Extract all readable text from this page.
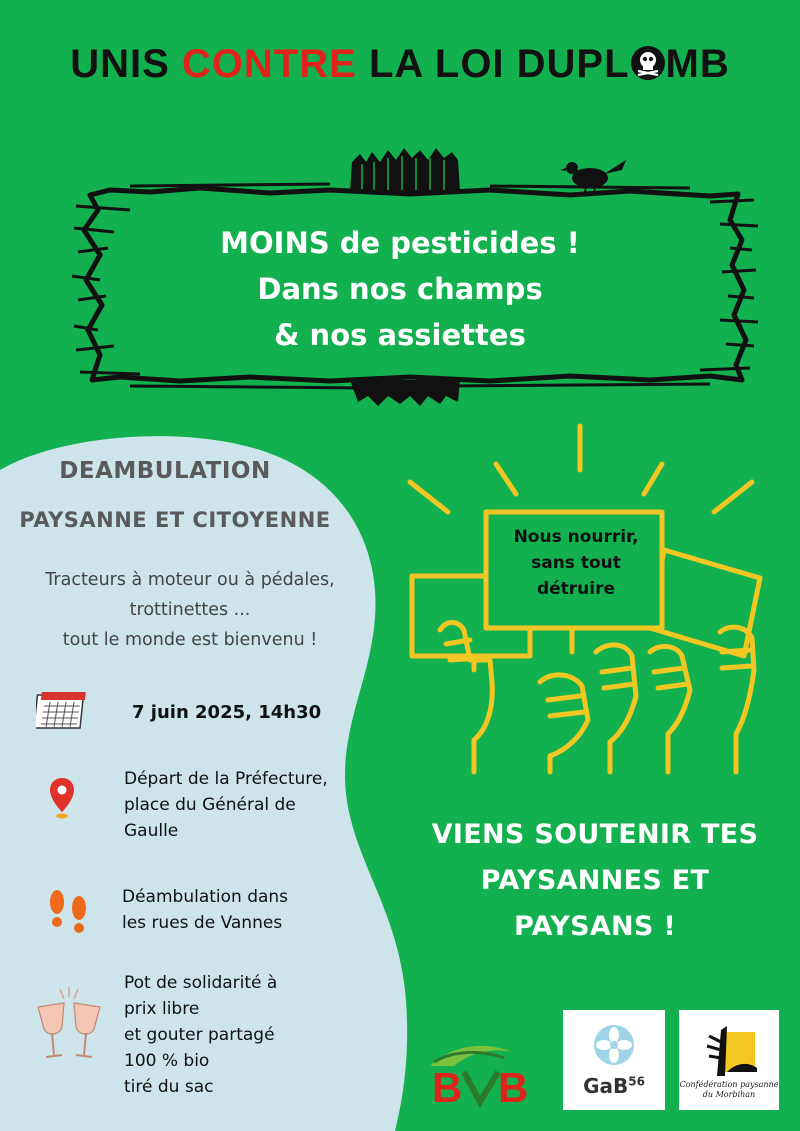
UNIS CONTRE LA LOI DUPL MB
MOINS de pesticides !
Dans nos champs
& nos assiettes
DEAMBULATION
PAYSANNE ET CITOYENNE
Tracteurs à moteur ou à pédales,
trottinettes ...
tout le monde est bienvenu !
7 juin 2025, 14h30
Départ de la Préfecture,
place du Général de
Gaulle
Déambulation dans
les rues de Vannes
Pot de solidarité à
prix libre
et gouter partagé
100 % bio
tiré du sac
Nous nourrir,
sans tout
détruire
VIENS SOUTENIR TES
PAYSANNES ET
PAYSANS !
B B	GaB$^{56}$	Confédération paysanne
du Morbihan
